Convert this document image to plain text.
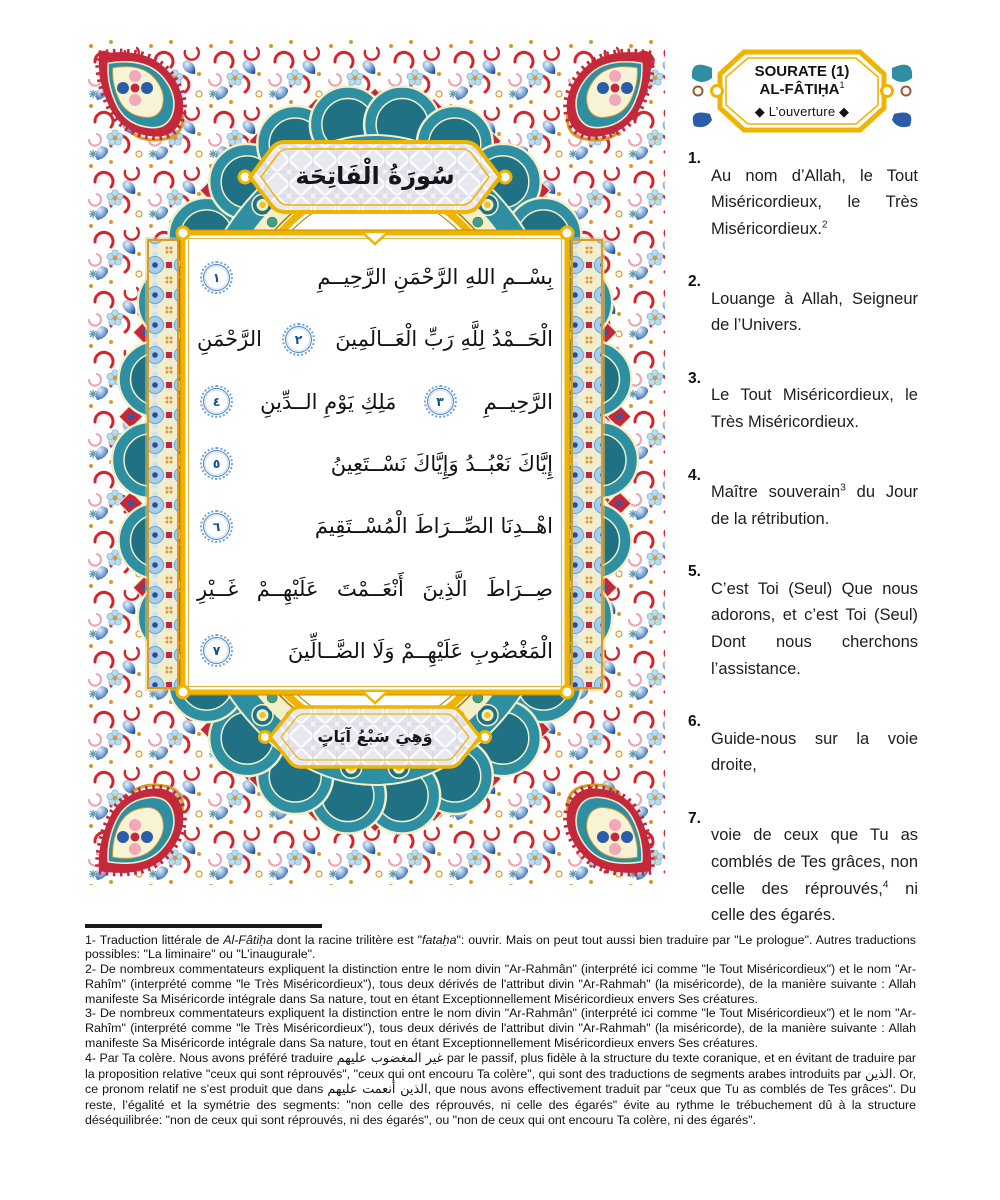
سُورَةُ الْفَاتِحَة
بِسْــمِ اللهِ الرَّحْمَنِ الرَّحِيــمِ
١
الْحَــمْدُ لِلَّهِ رَبِّ الْعَــالَمِينَ
٢
الرَّحْمَنِ
الرَّحِيــمِ
٣
مَلِكِ يَوْمِ الــدِّينِ
٤
إِيَّاكَ نَعْبُــدُ وَإِيَّاكَ نَسْــتَعِينُ
٥
اهْــدِنَا الصِّــرَاطَ الْمُسْــتَقِيمَ
٦
صِــرَاطَ الَّذِينَ أَنْعَــمْتَ عَلَيْهِــمْ غَــيْرِ
الْمَغْضُوبِ عَلَيْهِــمْ وَلَا الضَّــالِّينَ
٧
وَهِيَ سَبْعُ آيَاتٍ
SOURATE (1)
AL-FÂTIḤA$^1$
◆ L’ouverture ◆
1.

Au nom d’Allah, le Tout Miséricordieux, le Très Miséricordieux.$^2$

2.

Louange à Allah, Seigneur de l’Univers.

3.

Le Tout Miséricordieux, le Très Miséricordieux.

4.

Maître souverain$^3$ du Jour de la rétribution.

5.

C’est Toi (Seul) Que nous adorons, et c’est Toi (Seul) Dont nous cherchons l’assistance.

6.

Guide-nous sur la voie droite,

7.

voie de ceux que Tu as comblés de Tes grâces, non celle des réprouvés,$^4$ ni celle des égarés.

1- Traduction littérale de Al-Fâtiḥa dont la racine trilitère est "fataḥa": ouvrir. Mais on peut tout aussi bien traduire par "Le prologue". Autres traductions possibles: "La liminaire" ou "L’inaugurale".

2- De nombreux commentateurs expliquent la distinction entre le nom divin "Ar-Rahmân" (interprété ici comme "le Tout Miséricordieux") et le nom "Ar-Rahîm" (interprété comme "le Très Miséricordieux"), tous deux dérivés de l'attribut divin "Ar-Rahmah" (la miséricorde), de la manière suivante : Allah manifeste Sa Miséricorde intégrale dans Sa nature, tout en étant Exceptionnellement Miséricordieux envers Ses créatures.

3- De nombreux commentateurs expliquent la distinction entre le nom divin "Ar-Rahmân" (interprété ici comme "le Tout Miséricordieux") et le nom "Ar-Rahîm" (interprété comme "le Très Miséricordieux"), tous deux dérivés de l'attribut divin "Ar-Rahmah" (la miséricorde), de la manière suivante : Allah manifeste Sa Miséricorde intégrale dans Sa nature, tout en étant Exceptionnellement Miséricordieux envers Ses créatures.

4- Par Ta colère. Nous avons préféré traduire غير المغضوب عليهم par le passif, plus fidèle à la structure du texte coranique, et en évitant de traduire par la proposition relative "ceux qui sont réprouvés", "ceux qui ont encouru Ta colère", qui sont des traductions de segments arabes introduits par الذين. Or, ce pronom relatif ne s’est produit que dans الذين أنعمت عليهم, que nous avons effectivement traduit par "ceux que Tu as comblés de Tes grâces". Du reste, l’égalité et la symétrie des segments: "non celle des réprouvés, ni celle des égarés" évite au rythme le trébuchement dû à la structure déséquilibrée: "non de ceux qui sont réprouvés, ni des égarés", ou "non de ceux qui ont encouru Ta colère, ni des égarés".
